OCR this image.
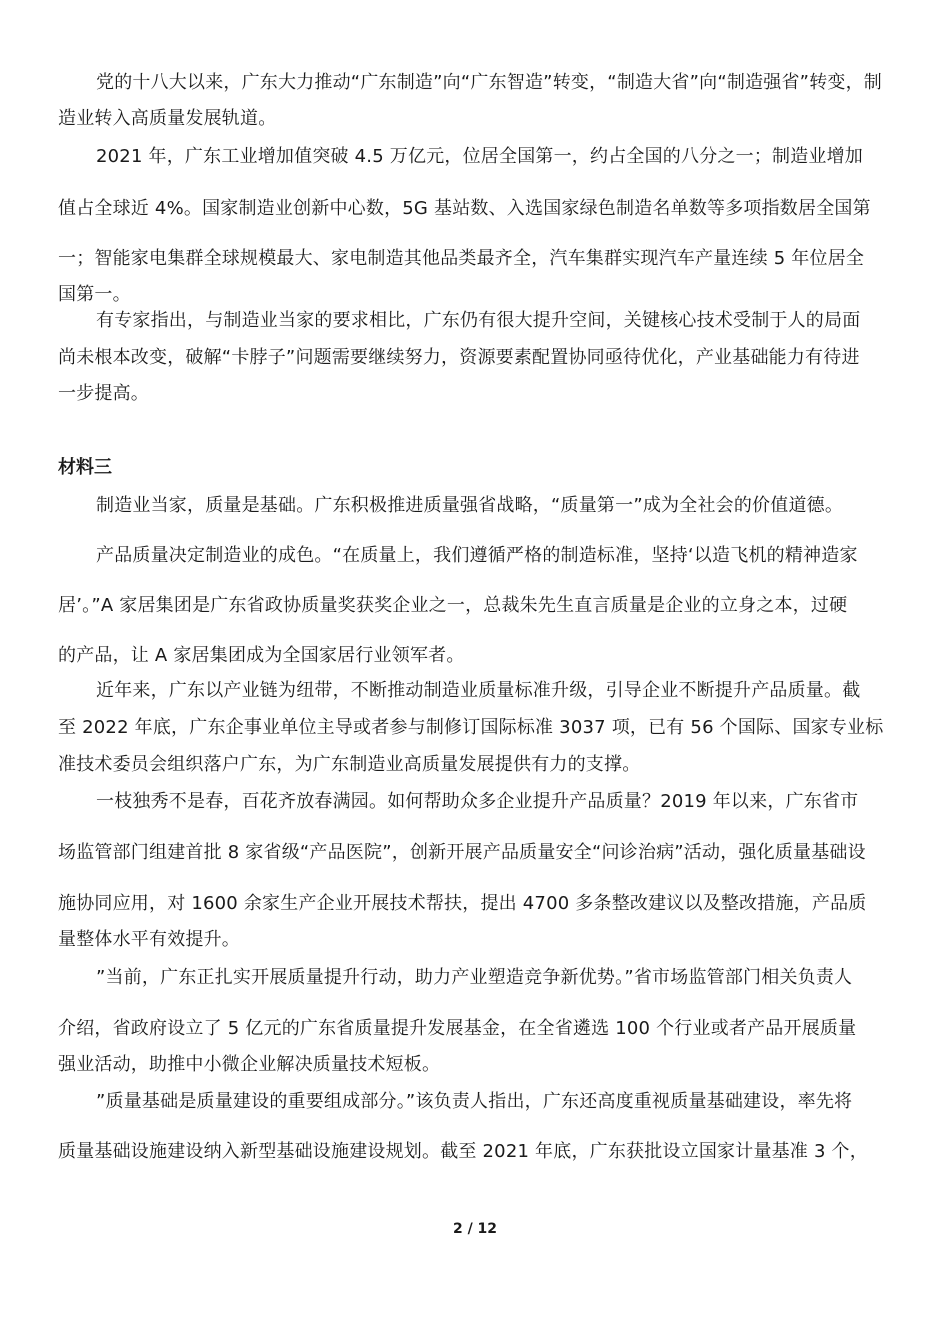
党的十八大以来，广东大力推动“广东制造”向“广东智造”转变，“制造大省”向“制造强省”转变，制
造业转入高质量发展轨道。
2021 年，广东工业增加值突破 4.5 万亿元，位居全国第一，约占全国的八分之一；制造业增加
值占全球近 4%。国家制造业创新中心数，5G 基站数、入选国家绿色制造名单数等多项指数居全国第
一；智能家电集群全球规模最大、家电制造其他品类最齐全，汽车集群实现汽车产量连续 5 年位居全
国第一。
有专家指出，与制造业当家的要求相比，广东仍有很大提升空间，关键核心技术受制于人的局面
尚未根本改变，破解“卡脖子”问题需要继续努力，资源要素配置协同亟待优化，产业基础能力有待进
一步提高。
材料三
制造业当家，质量是基础。广东积极推进质量强省战略，“质量第一”成为全社会的价值道德。
产品质量决定制造业的成色。“在质量上，我们遵循严格的制造标准，坚持‘以造飞机的精神造家
居’。”A 家居集团是广东省政协质量奖获奖企业之一，总裁朱先生直言质量是企业的立身之本，过硬
的产品，让 A 家居集团成为全国家居行业领军者。
近年来，广东以产业链为纽带，不断推动制造业质量标准升级，引导企业不断提升产品质量。截
至 2022 年底，广东企事业单位主导或者参与制修订国际标准 3037 项，已有 56 个国际、国家专业标
准技术委员会组织落户广东，为广东制造业高质量发展提供有力的支撑。
一枝独秀不是春，百花齐放春满园。如何帮助众多企业提升产品质量？2019 年以来，广东省市
场监管部门组建首批 8 家省级“产品医院”，创新开展产品质量安全“问诊治病”活动，强化质量基础设
施协同应用，对 1600 余家生产企业开展技术帮扶，提出 4700 多条整改建议以及整改措施，产品质
量整体水平有效提升。
”当前，广东正扎实开展质量提升行动，助力产业塑造竞争新优势。”省市场监管部门相关负责人
介绍，省政府设立了 5 亿元的广东省质量提升发展基金，在全省遴选 100 个行业或者产品开展质量
强业活动，助推中小微企业解决质量技术短板。
”质量基础是质量建设的重要组成部分。”该负责人指出，广东还高度重视质量基础建设，率先将
质量基础设施建设纳入新型基础设施建设规划。截至 2021 年底，广东获批设立国家计量基准 3 个，
2 / 12
